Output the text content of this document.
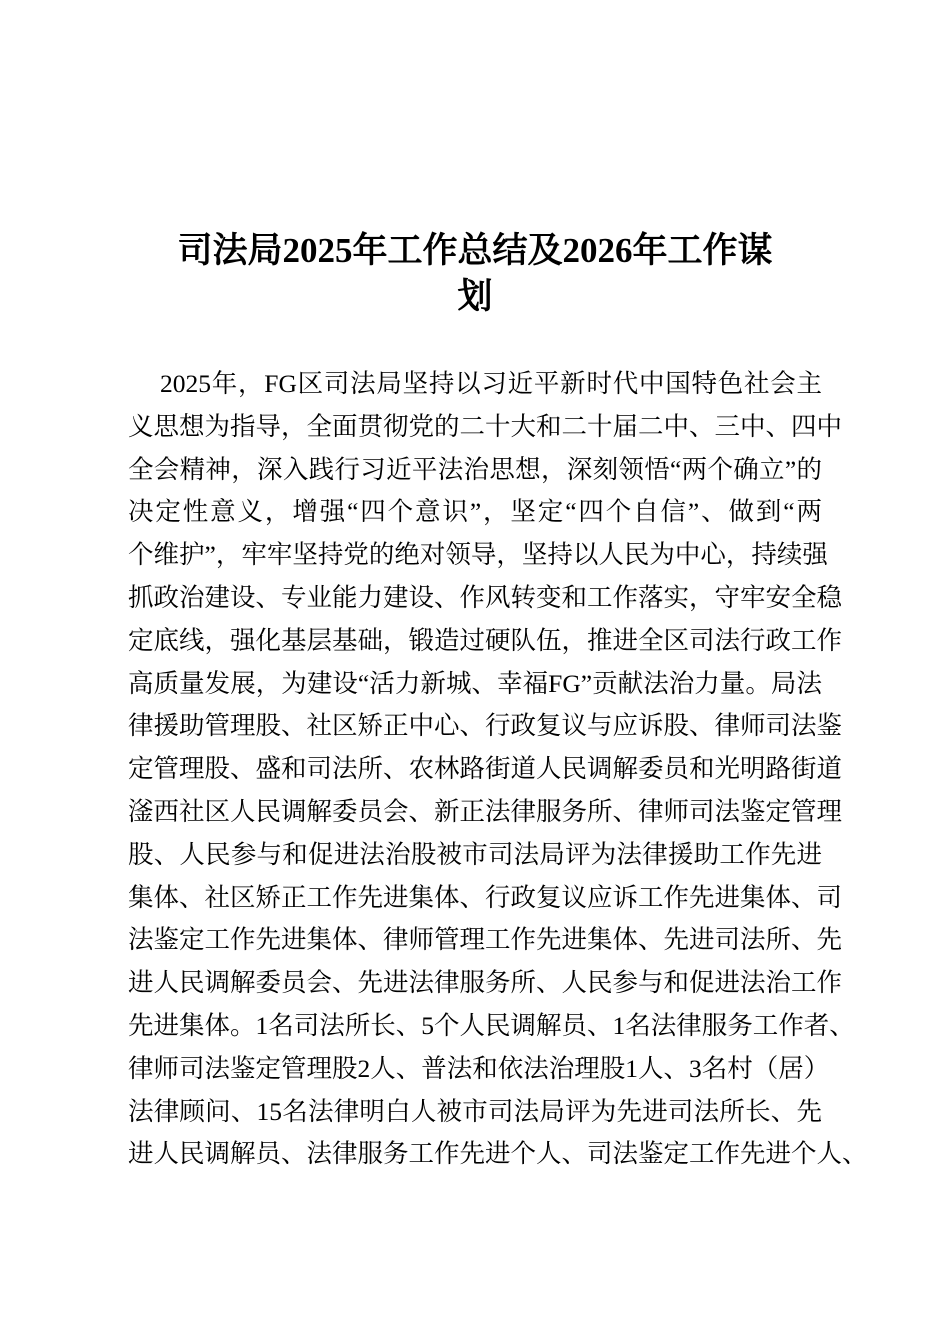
司法局2025年工作总结及2026年工作谋
划
2025年，FG区司法局坚持以习近平新时代中国特色社会主
义思想为指导，全面贯彻党的二十大和二十届二中、三中、四中
全会精神，深入践行习近平法治思想，深刻领悟“两个确立”的
决定性意义，增强“四个意识”，坚定“四个自信”、做到“两
个维护”，牢牢坚持党的绝对领导，坚持以人民为中心，持续强
抓政治建设、专业能力建设、作风转变和工作落实，守牢安全稳
定底线，强化基层基础，锻造过硬队伍，推进全区司法行政工作
高质量发展，为建设“活力新城、幸福FG”贡献法治力量。局法
律援助管理股、社区矫正中心、行政复议与应诉股、律师司法鉴
定管理股、盛和司法所、农林路街道人民调解委员和光明路街道
滏西社区人民调解委员会、新正法律服务所、律师司法鉴定管理
股、人民参与和促进法治股被市司法局评为法律援助工作先进
集体、社区矫正工作先进集体、行政复议应诉工作先进集体、司
法鉴定工作先进集体、律师管理工作先进集体、先进司法所、先
进人民调解委员会、先进法律服务所、人民参与和促进法治工作
先进集体。1名司法所长、5个人民调解员、1名法律服务工作者、
律师司法鉴定管理股2人、普法和依法治理股1人、3名村（居）
法律顾问、15名法律明白人被市司法局评为先进司法所长、先
进人民调解员、法律服务工作先进个人、司法鉴定工作先进个人、
